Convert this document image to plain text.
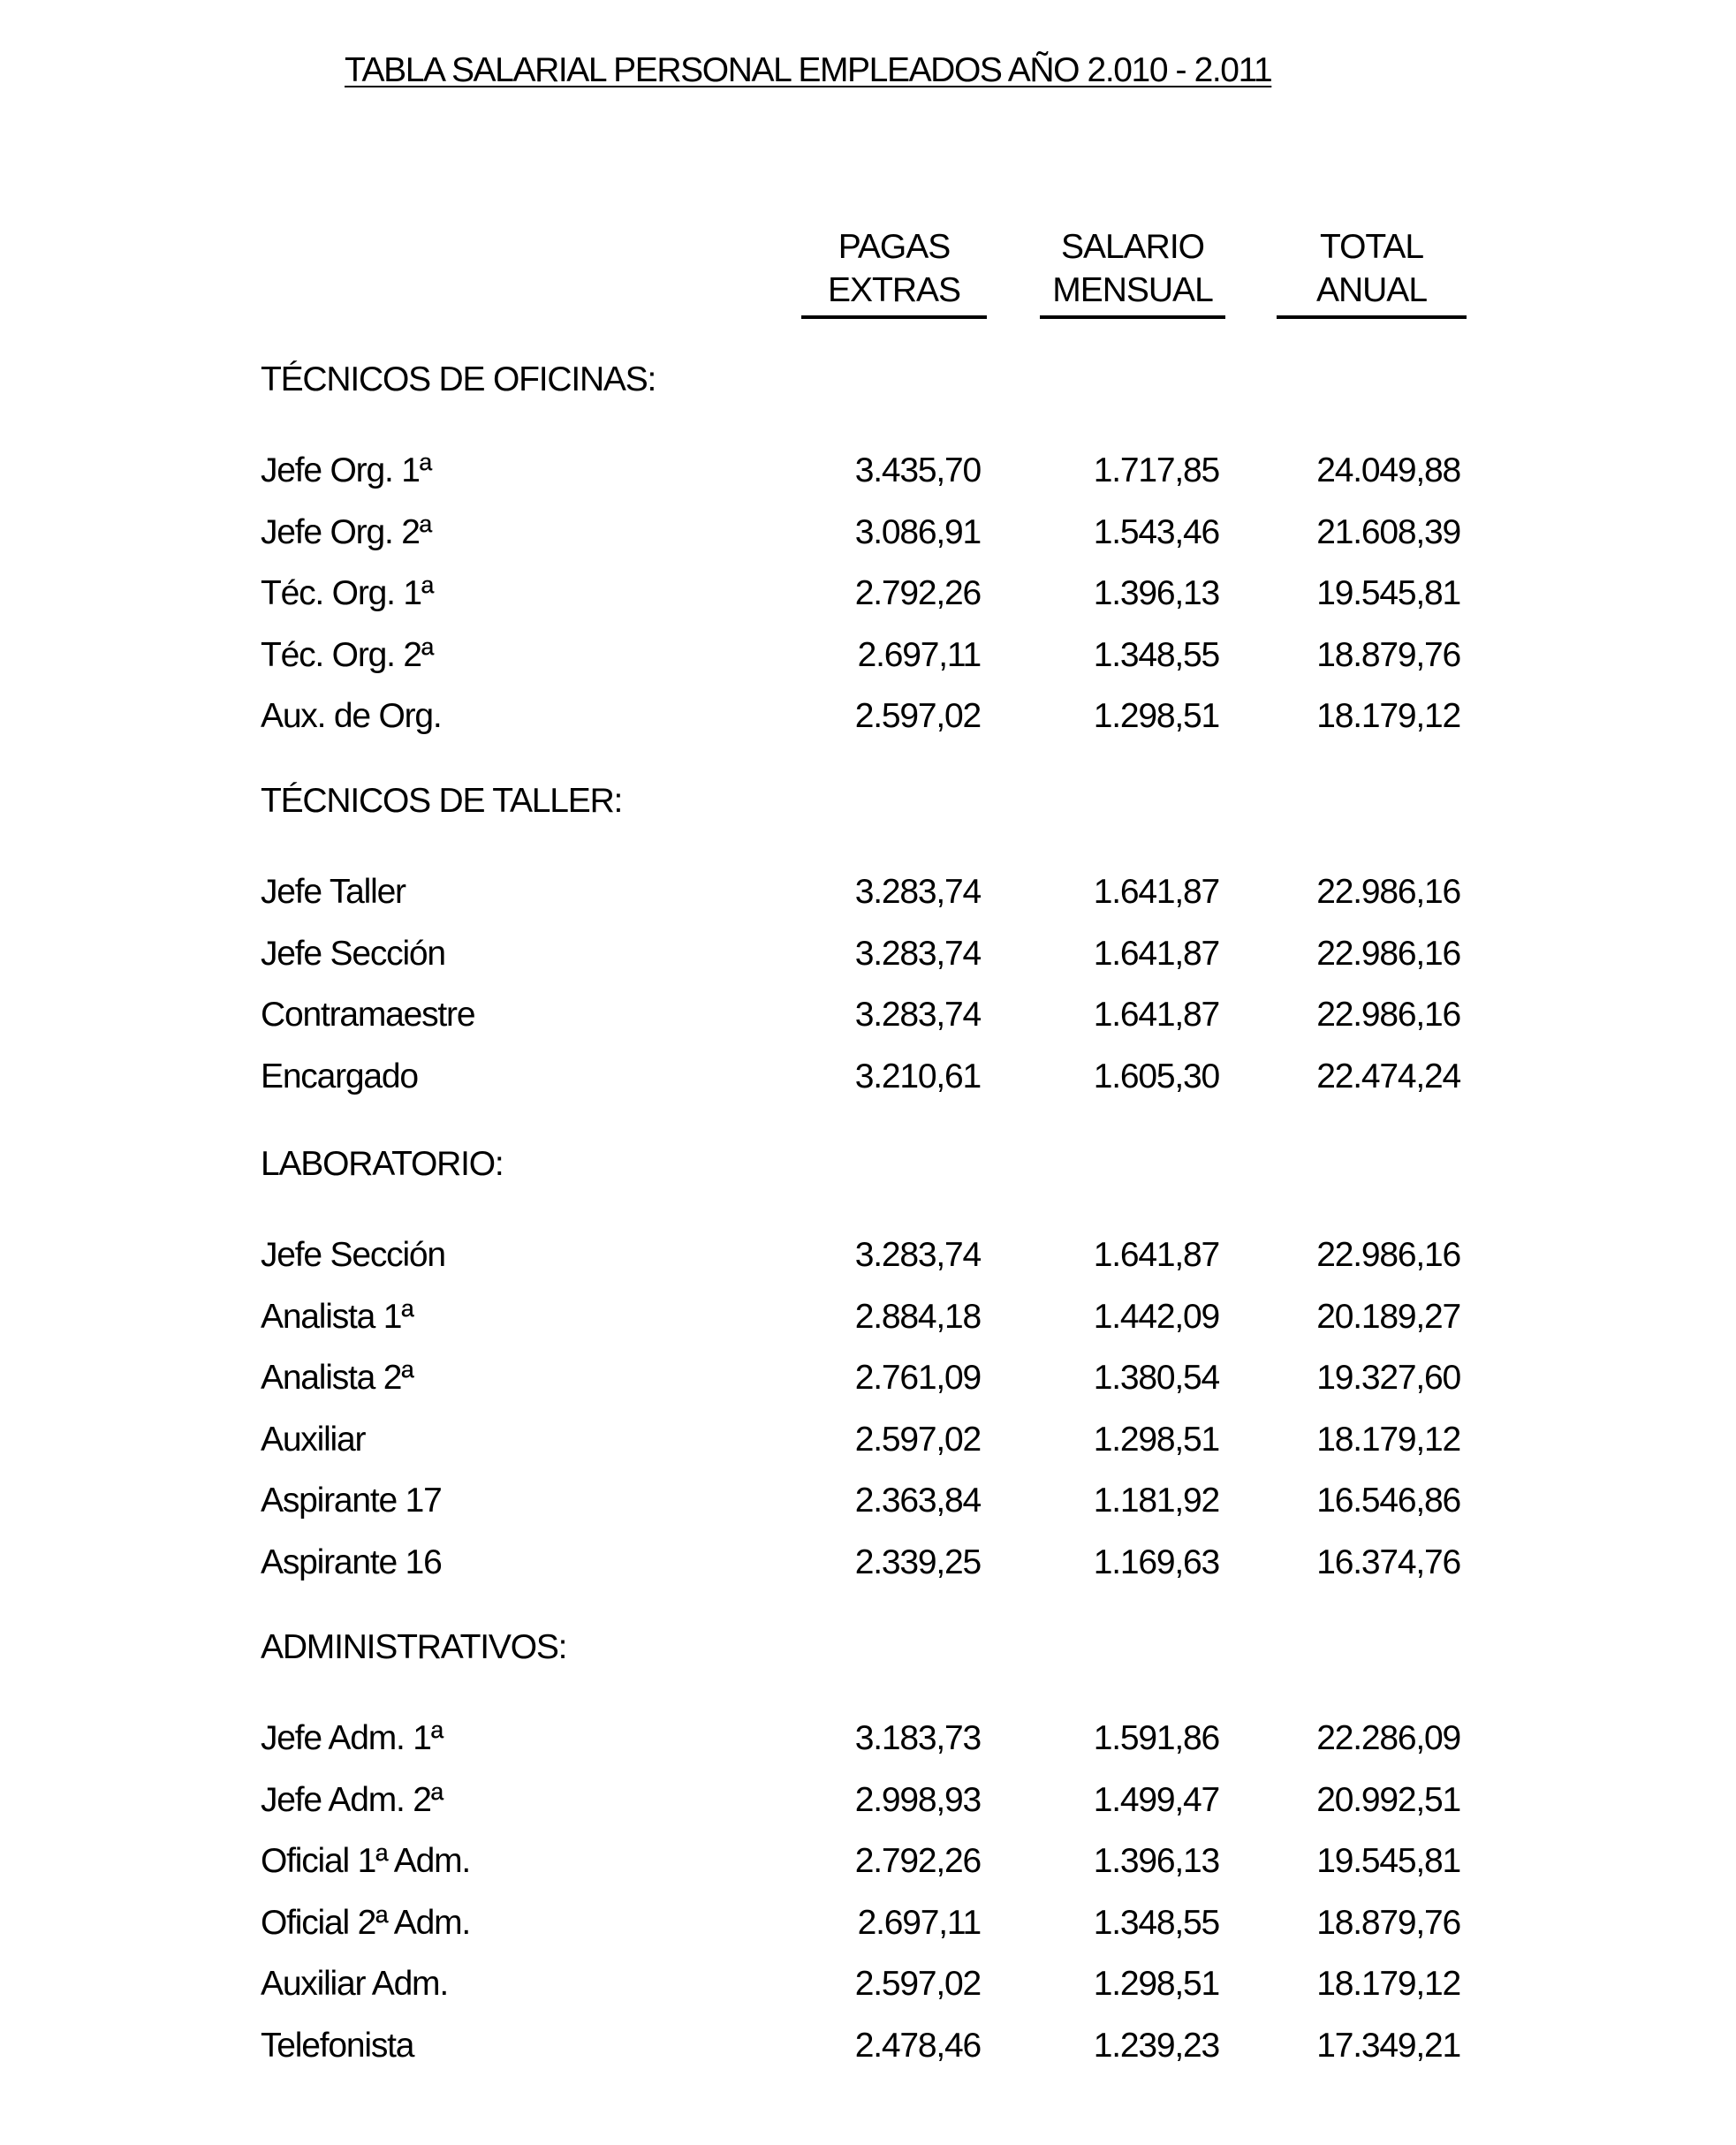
TABLA SALARIAL PERSONAL EMPLEADOS AÑO 2.010 - 2.011
PAGAS
EXTRAS
SALARIO
MENSUAL
TOTAL
ANUAL
TÉCNICOS DE OFICINAS:
Jefe Org. 1ª	3.435,70	1.717,85	24.049,88
Jefe Org. 2ª	3.086,91	1.543,46	21.608,39
Téc. Org. 1ª	2.792,26	1.396,13	19.545,81
Téc. Org. 2ª	2.697,11	1.348,55	18.879,76
Aux. de Org.	2.597,02	1.298,51	18.179,12
TÉCNICOS DE TALLER:
Jefe Taller	3.283,74	1.641,87	22.986,16
Jefe Sección	3.283,74	1.641,87	22.986,16
Contramaestre	3.283,74	1.641,87	22.986,16
Encargado	3.210,61	1.605,30	22.474,24
LABORATORIO:
Jefe Sección	3.283,74	1.641,87	22.986,16
Analista 1ª	2.884,18	1.442,09	20.189,27
Analista 2ª	2.761,09	1.380,54	19.327,60
Auxiliar	2.597,02	1.298,51	18.179,12
Aspirante 17	2.363,84	1.181,92	16.546,86
Aspirante 16	2.339,25	1.169,63	16.374,76
ADMINISTRATIVOS:
Jefe Adm. 1ª	3.183,73	1.591,86	22.286,09
Jefe Adm. 2ª	2.998,93	1.499,47	20.992,51
Oficial 1ª Adm.	2.792,26	1.396,13	19.545,81
Oficial 2ª Adm.	2.697,11	1.348,55	18.879,76
Auxiliar Adm.	2.597,02	1.298,51	18.179,12
Telefonista	2.478,46	1.239,23	17.349,21
